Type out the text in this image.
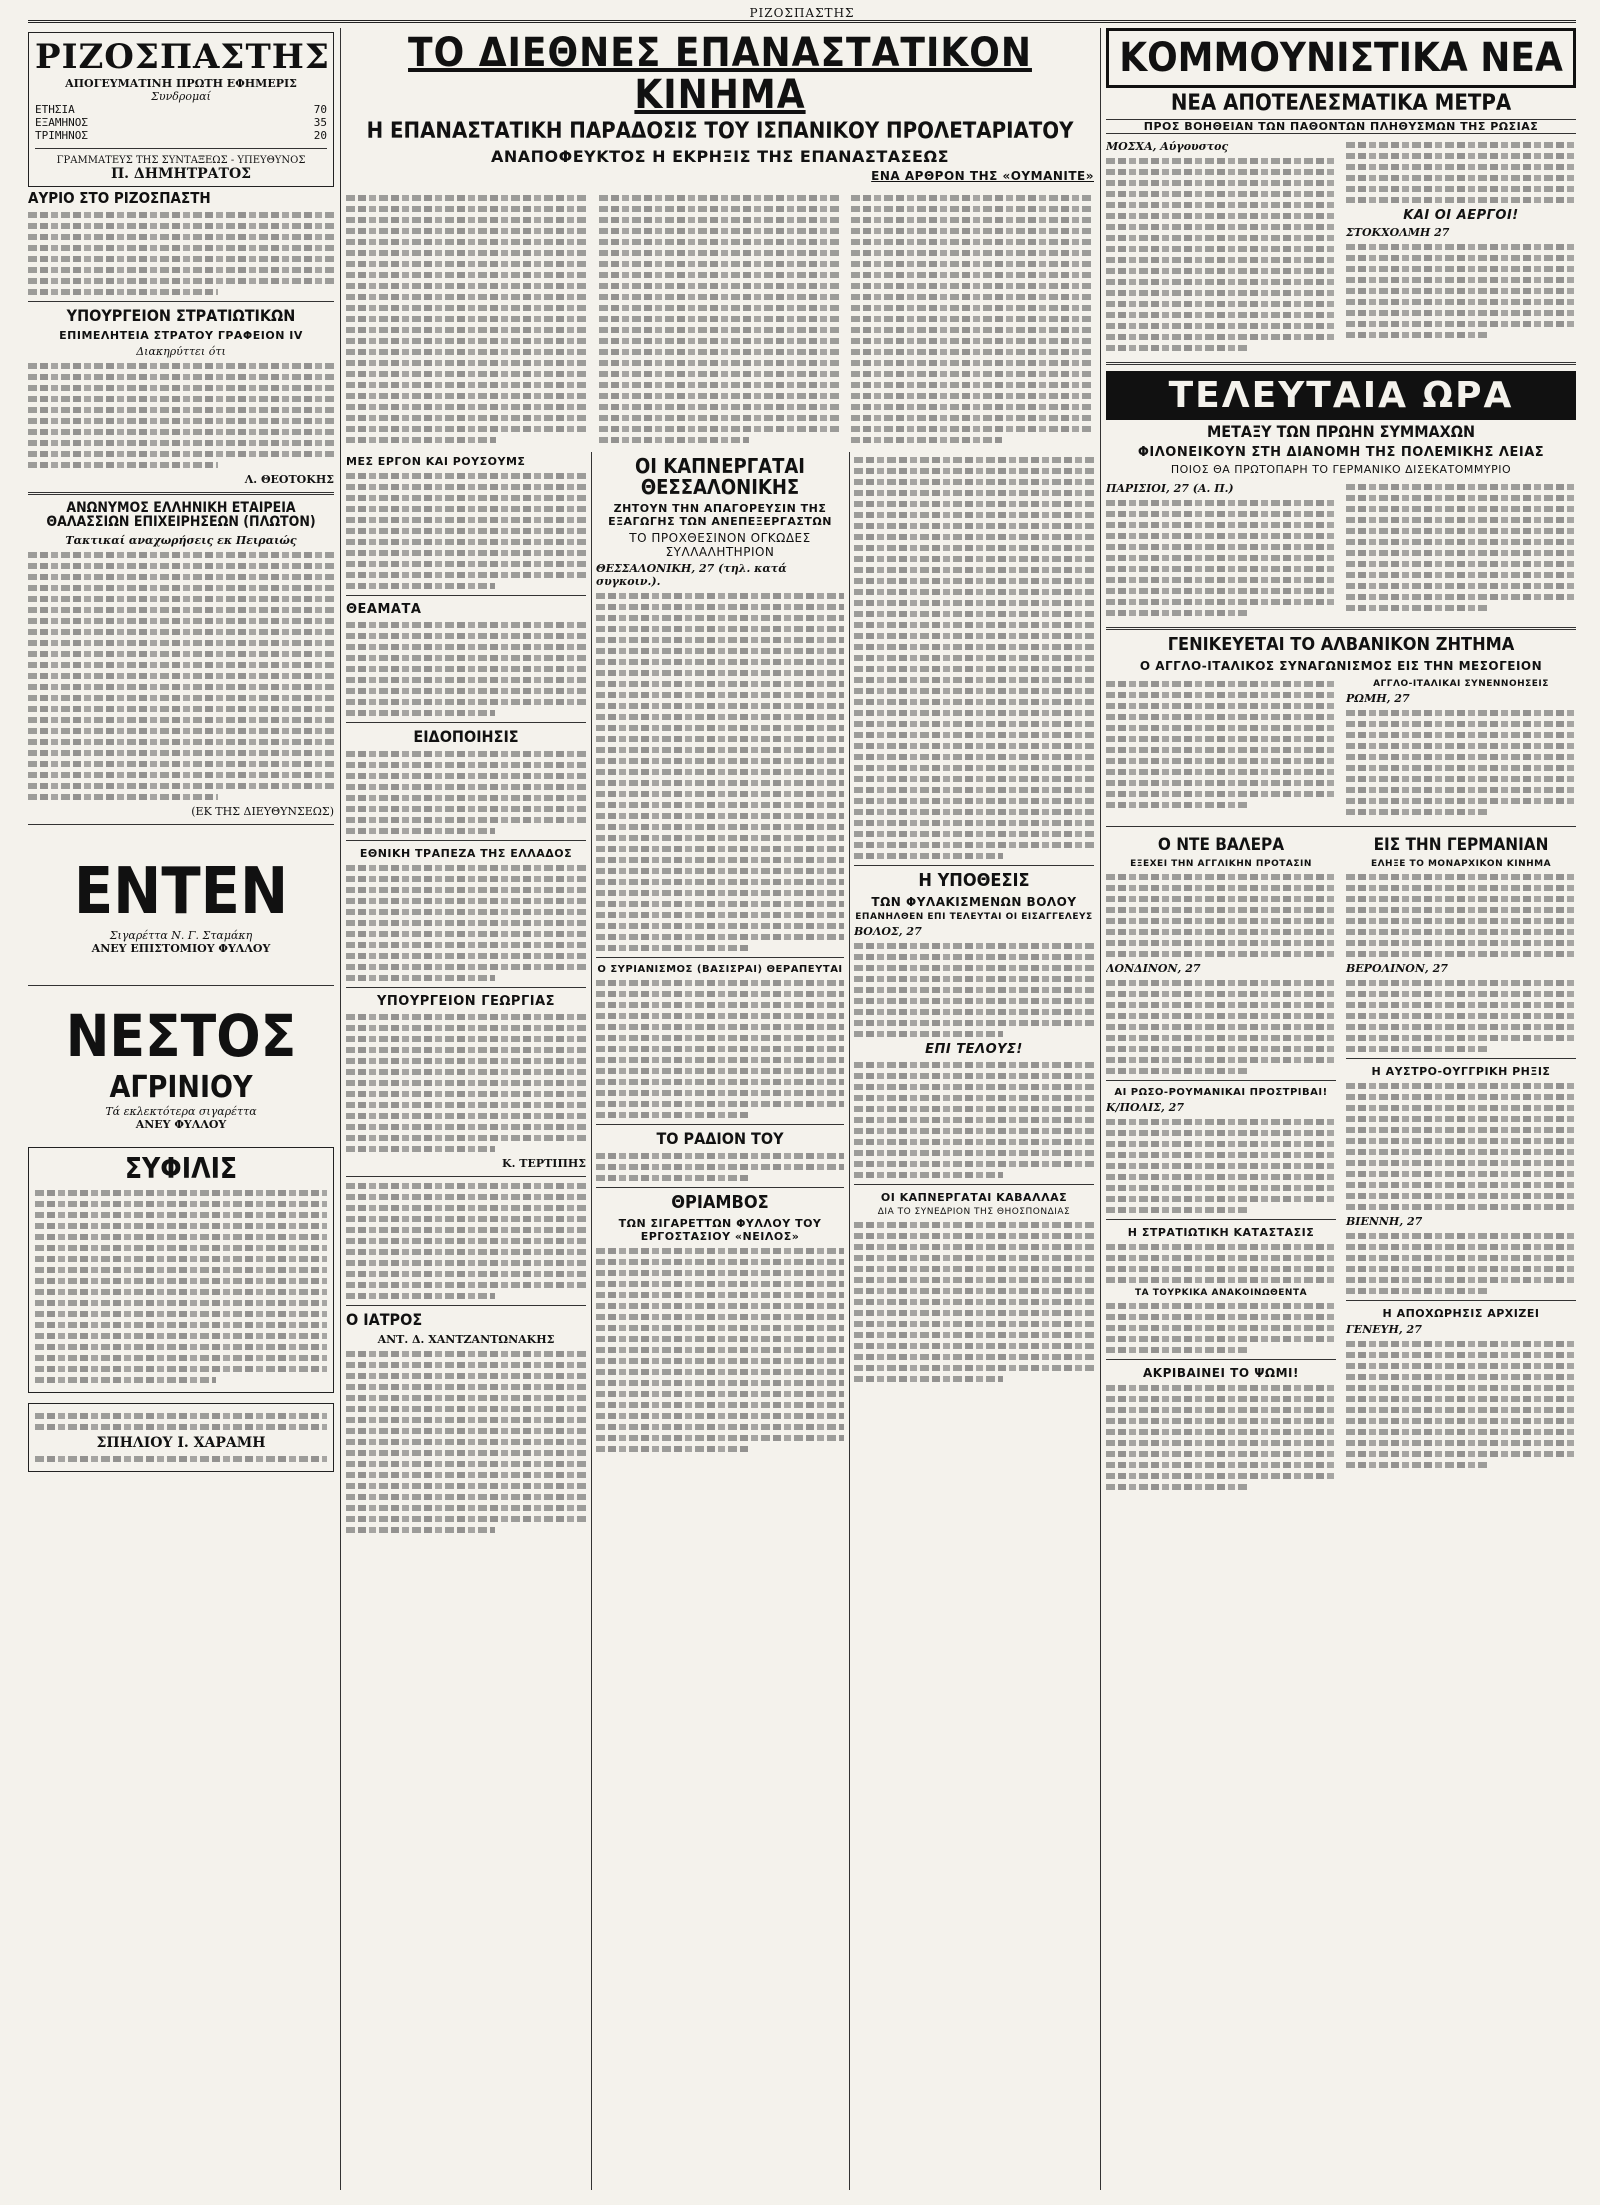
ΡΙΖΟΣΠΑΣΤΗΣ
ΡΙΖΟΣΠΑΣΤΗΣ
ΑΠΟΓΕΥΜΑΤΙΝΗ ΠΡΩΤΗ ΕΦΗΜΕΡΙΣ
Συνδρομαί
ΕΤΗΣΙΑ	70
ΕΞΑΜΗΝΟΣ	35
ΤΡΙΜΗΝΟΣ	20
ΓΡΑΜΜΑΤΕΥΣ ΤΗΣ ΣΥΝΤΑΞΕΩΣ - ΥΠΕΥΘΥΝΟΣ
Π. ΔΗΜΗΤΡΑΤΟΣ
ΑΥΡΙΟ ΣΤΟ ΡΙΖΟΣΠΑΣΤΗ
ΥΠΟΥΡΓΕΙΟΝ ΣΤΡΑΤΙΩΤΙΚΩΝ
ΕΠΙΜΕΛΗΤΕΙΑ ΣΤΡΑΤΟΥ ΓΡΑΦΕΙΟΝ IV
Διακηρύττει ότι
Λ. ΘΕΟΤΟΚΗΣ
ΑΝΩΝΥΜΟΣ ΕΛΛΗΝΙΚΗ ΕΤΑΙΡΕΙΑ ΘΑΛΑΣΣΙΩΝ ΕΠΙΧΕΙΡΗΣΕΩΝ (ΠΛΩΤΟΝ)
Τακτικαί αναχωρήσεις εκ Πειραιώς
(ΕΚ ΤΗΣ ΔΙΕΥΘΥΝΣΕΩΣ)
ΕΝΤΕΝ
Σιγαρέττα Ν. Γ. Σταμάκη
ΑΝΕΥ ΕΠΙΣΤΟΜΙΟΥ ΦΥΛΛΟΥ
ΝΕΣΤΟΣ
ΑΓΡΙΝΙΟΥ
Τά εκλεκτότερα σιγαρέττα
ΑΝΕΥ ΦΥΛΛΟΥ
ΣΥΦΙΛΙΣ
ΣΠΗΛΙΟΥ Ι. ΧΑΡΑΜΗ
ΤΟ ΔΙΕΘΝΕΣ ΕΠΑΝΑΣΤΑΤΙΚΟΝ ΚΙΝΗΜΑ
Η ΕΠΑΝΑΣΤΑΤΙΚΗ ΠΑΡΑΔΟΣΙΣ ΤΟΥ ΙΣΠΑΝΙΚΟΥ ΠΡΟΛΕΤΑΡΙΑΤΟΥ
ΑΝΑΠΟΦΕΥΚΤΟΣ Η ΕΚΡΗΞΙΣ ΤΗΣ ΕΠΑΝΑΣΤΑΣΕΩΣ
ΕΝΑ ΑΡΘΡΟΝ ΤΗΣ «ΟΥΜΑΝΙΤΕ»
ΜΕΣ ΕΡΓΟΝ ΚΑΙ ΡΟΥΣΟΥΜΣ
ΘΕΑΜΑΤΑ
ΕΙΔΟΠΟΙΗΣΙΣ
ΕΘΝΙΚΗ ΤΡΑΠΕΖΑ ΤΗΣ ΕΛΛΑΔΟΣ
ΥΠΟΥΡΓΕΙΟΝ ΓΕΩΡΓΙΑΣ
Κ. ΤΕΡΤΙΠΗΣ
Ο ΙΑΤΡΟΣ
ΑΝΤ. Δ. ΧΑΝΤΖΑΝΤΩΝΑΚΗΣ
ΟΙ ΚΑΠΝΕΡΓΑΤΑΙ ΘΕΣΣΑΛΟΝΙΚΗΣ
ΖΗΤΟΥΝ ΤΗΝ ΑΠΑΓΟΡΕΥΣΙΝ ΤΗΣ ΕΞΑΓΩΓΗΣ ΤΩΝ ΑΝΕΠΕΞΕΡΓΑΣΤΩΝ
ΤΟ ΠΡΟΧΘΕΣΙΝΟΝ ΟΓΚΩΔΕΣ ΣΥΛΛΑΛΗΤΗΡΙΟΝ
ΘΕΣΣΑΛΟΝΙΚΗ, 27 (τηλ. κατά συγκοιν.).
Ο ΣΥΡΙΑΝΙΣΜΟΣ (ΒΑΣΙΣΡΑΙ) ΘΕΡΑΠΕΥΤΑΙ
ΤΟ ΡΑΔΙΟΝ ΤΟΥ
ΘΡΙΑΜΒΟΣ
ΤΩΝ ΣΙΓΑΡΕΤΤΩΝ ΦΥΛΛΟΥ ΤΟΥ ΕΡΓΟΣΤΑΣΙΟΥ «ΝΕΙΛΟΣ»
Η ΥΠΟΘΕΣΙΣ
ΤΩΝ ΦΥΛΑΚΙΣΜΕΝΩΝ ΒΟΛΟΥ
ΕΠΑΝΗΛΘΕΝ ΕΠΙ ΤΕΛΕΥΤΑΙ ΟΙ ΕΙΣΑΓΓΕΛΕΥΣ
ΒΟΛΟΣ, 27
ΕΠΙ ΤΕΛΟΥΣ!
ΟΙ ΚΑΠΝΕΡΓΑΤΑΙ ΚΑΒΑΛΛΑΣ
ΔΙΑ ΤΟ ΣΥΝΕΔΡΙΟΝ ΤΗΣ ΘΗΟΣΠΟΝΔΙΑΣ
ΚΟΜΜΟΥΝΙΣΤΙΚΑ ΝΕΑ
ΝΕΑ ΑΠΟΤΕΛΕΣΜΑΤΙΚΑ ΜΕΤΡΑ
ΠΡΟΣ ΒΟΗΘΕΙΑΝ ΤΩΝ ΠΑΘΟΝΤΩΝ ΠΛΗΘΥΣΜΩΝ ΤΗΣ ΡΩΣΙΑΣ
ΜΟΣΧΑ, Αύγουστος
ΚΑΙ ΟΙ ΑΕΡΓΟΙ!
ΣΤΟΚΧΟΛΜΗ 27
ΤΕΛΕΥΤΑΙΑ ΩΡΑ
ΜΕΤΑΞΥ ΤΩΝ ΠΡΩΗΝ ΣΥΜΜΑΧΩΝ
ΦΙΛΟΝΕΙΚΟΥΝ ΣΤΗ ΔΙΑΝΟΜΗ ΤΗΣ ΠΟΛΕΜΙΚΗΣ ΛΕΙΑΣ
ΠΟΙΟΣ ΘΑ ΠΡΩΤΟΠΑΡΗ ΤΟ ΓΕΡΜΑΝΙΚΟ ΔΙΣΕΚΑΤΟΜΜΥΡΙΟ
ΠΑΡΙΣΙΟΙ, 27 (Α. Π.)
ΓΕΝΙΚΕΥΕΤΑΙ ΤΟ ΑΛΒΑΝΙΚΟΝ ΖΗΤΗΜΑ
Ο ΑΓΓΛΟ-ΙΤΑΛΙΚΟΣ ΣΥΝΑΓΩΝΙΣΜΟΣ ΕΙΣ ΤΗΝ ΜΕΣΟΓΕΙΟΝ
ΑΓΓΛΟ-ΙΤΑΛΙΚΑΙ ΣΥΝΕΝΝΟΗΣΕΙΣ
ΡΩΜΗ, 27
Ο ΝΤΕ ΒΑΛΕΡΑ
ΕΞΕΧΕΙ ΤΗΝ ΑΓΓΛΙΚΗΝ ΠΡΟΤΑΣΙΝ
ΛΟΝΔΙΝΟΝ, 27
ΑΙ ΡΩΣΟ-ΡΟΥΜΑΝΙΚΑΙ ΠΡΟΣΤΡΙΒΑΙ!
Κ/ΠΟΛΙΣ, 27
Η ΣΤΡΑΤΙΩΤΙΚΗ ΚΑΤΑΣΤΑΣΙΣ
ΤΑ ΤΟΥΡΚΙΚΑ ΑΝΑΚΟΙΝΩΘΕΝΤΑ
ΑΚΡΙΒΑΙΝΕΙ ΤΟ ΨΩΜΙ!
ΕΙΣ ΤΗΝ ΓΕΡΜΑΝΙΑΝ
ΕΛΗΞΕ ΤΟ ΜΟΝΑΡΧΙΚΟΝ ΚΙΝΗΜΑ
ΒΕΡΟΛΙΝΟΝ, 27
Η ΑΥΣΤΡΟ-ΟΥΓΓΡΙΚΗ ΡΗΞΙΣ
ΒΙΕΝΝΗ, 27
Η ΑΠΟΧΩΡΗΣΙΣ ΑΡΧΙΖΕΙ
ΓΕΝΕΥΗ, 27
